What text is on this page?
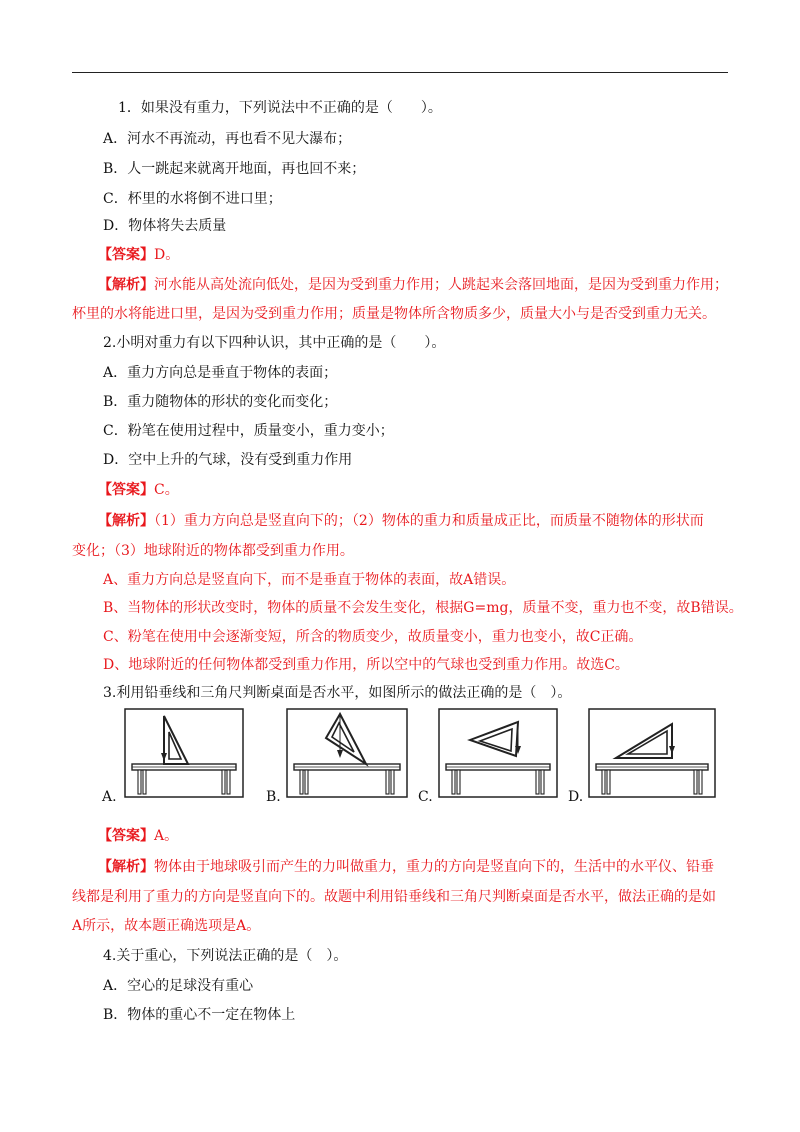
1．如果没有重力，下列说法中不正确的是（　　）。
A．河水不再流动，再也看不见大瀑布；
B．人一跳起来就离开地面，再也回不来；
C．杯里的水将倒不进口里；
D．物体将失去质量
【答案】D。
【解析】河水能从高处流向低处，是因为受到重力作用；人跳起来会落回地面，是因为受到重力作用；
杯里的水将能进口里，是因为受到重力作用；质量是物体所含物质多少，质量大小与是否受到重力无关。
2.小明对重力有以下四种认识，其中正确的是（　　）。
A．重力方向总是垂直于物体的表面；
B．重力随物体的形状的变化而变化；
C．粉笔在使用过程中，质量变小，重力变小；
D．空中上升的气球，没有受到重力作用
【答案】C。
【解析】（1）重力方向总是竖直向下的；（2）物体的重力和质量成正比，而质量不随物体的形状而
变化；（3）地球附近的物体都受到重力作用。
A、重力方向总是竖直向下，而不是垂直于物体的表面，故A错误。
B、当物体的形状改变时，物体的质量不会发生变化，根据G=mg，质量不变，重力也不变，故B错误。
C、粉笔在使用中会逐渐变短，所含的物质变少，故质量变小，重力也变小，故C正确。
D、地球附近的任何物体都受到重力作用，所以空中的气球也受到重力作用。故选C。
3.利用铅垂线和三角尺判断桌面是否水平，如图所示的做法正确的是（　）。
A.	B.	C.	D.
【答案】A。
【解析】物体由于地球吸引而产生的力叫做重力，重力的方向是竖直向下的，生活中的水平仪、铅垂
线都是利用了重力的方向是竖直向下的。故题中利用铅垂线和三角尺判断桌面是否水平，做法正确的是如
A所示，故本题正确选项是A。
4.关于重心，下列说法正确的是（　）。
A．空心的足球没有重心
B．物体的重心不一定在物体上
